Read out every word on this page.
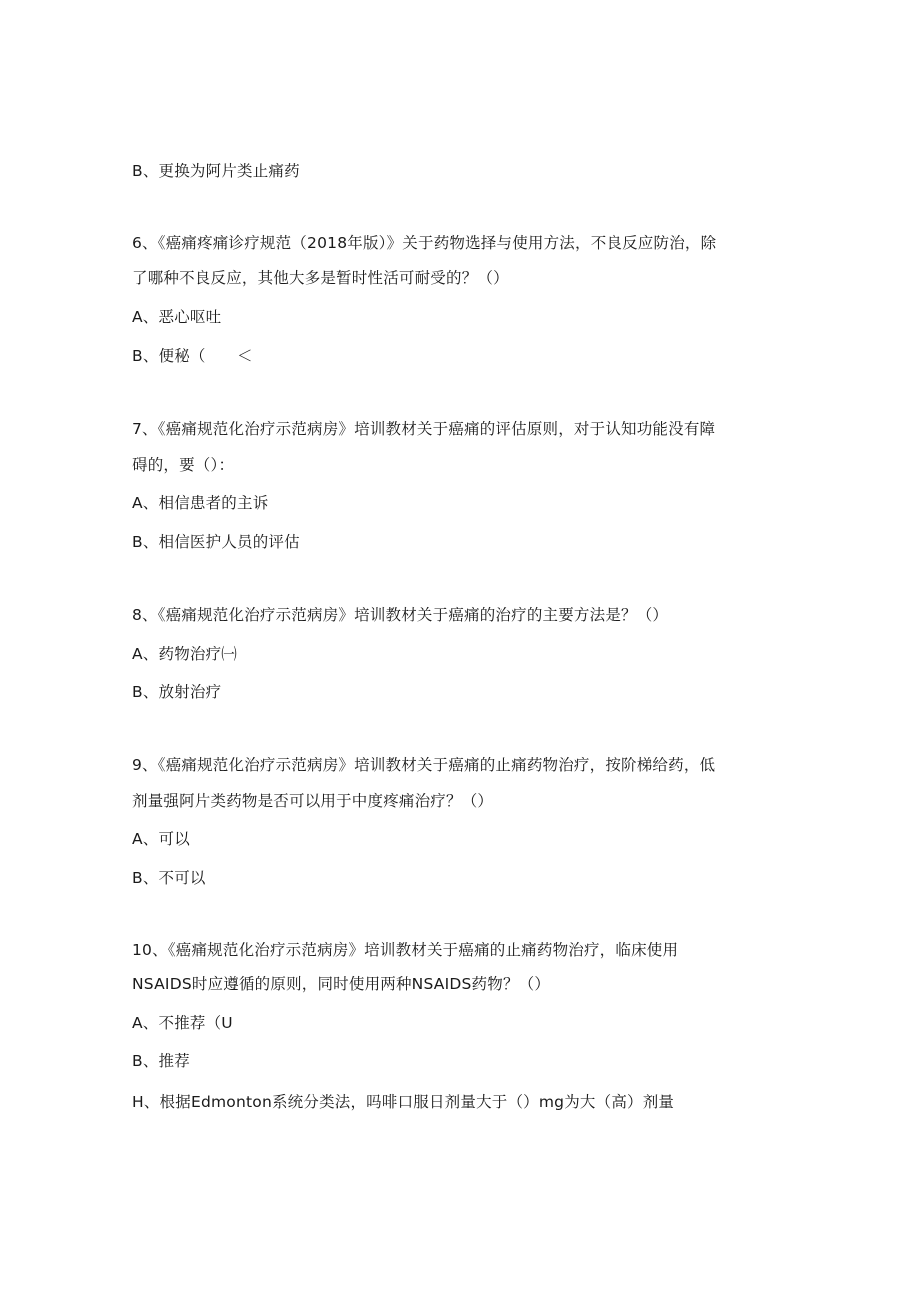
B、更换为阿片类止痛药
6、《癌痛疼痛诊疗规范（2018年版）》关于药物选择与使用方法，不良反应防治，除
了哪种不良反应，其他大多是暂时性活可耐受的？（）
A、恶心呕吐
B、便秘（　　＜
7、《癌痛规范化治疗示范病房》培训教材关于癌痛的评估原则，对于认知功能没有障
碍的，要（）：
A、相信患者的主诉
B、相信医护人员的评估
8、《癌痛规范化治疗示范病房》培训教材关于癌痛的治疗的主要方法是？（）
A、药物治疗㈠
B、放射治疗
9、《癌痛规范化治疗示范病房》培训教材关于癌痛的止痛药物治疗，按阶梯给药，低
剂量强阿片类药物是否可以用于中度疼痛治疗？（）
A、可以
B、不可以
10、《癌痛规范化治疗示范病房》培训教材关于癌痛的止痛药物治疗，临床使用
NSAIDS时应遵循的原则，同时使用两种NSAIDS药物？（）
A、不推荐（U
B、推荐
H、根据Edmonton系统分类法，吗啡口服日剂量大于（）mg为大（高）剂量
